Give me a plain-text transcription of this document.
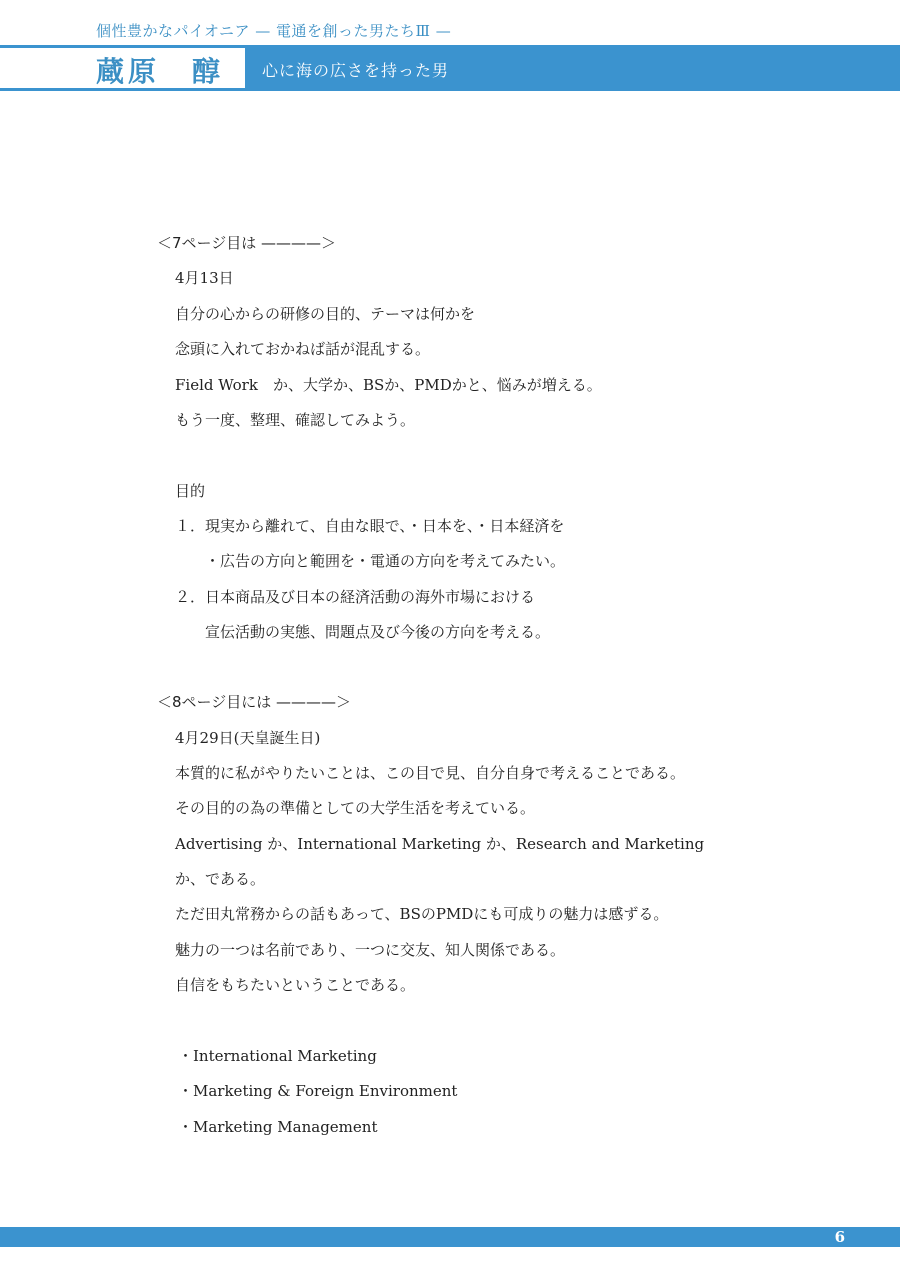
個性豊かなパイオニア — 電通を創った男たちⅢ —
蔵原　醇 心に海の広さを持った男
＜7ページ目は ————＞
4月13日
自分の心からの研修の目的、テーマは何かを
念頭に入れておかねば話が混乱する。
Field Work　か、大学か、BSか、PMDかと、悩みが増える。
もう一度、整理、確認してみよう。
目的
１．現実から離れて、自由な眼で、・日本を、・日本経済を
　　・広告の方向と範囲を・電通の方向を考えてみたい。
２．日本商品及び日本の経済活動の海外市場における
　　宣伝活動の実態、問題点及び今後の方向を考える。
＜8ページ目には ————＞
4月29日(天皇誕生日)
本質的に私がやりたいことは、この目で見、自分自身で考えることである。
その目的の為の準備としての大学生活を考えている。
Advertising か、International Marketing か、Research and Marketing
か、である。
ただ田丸常務からの話もあって、BSのPMDにも可成りの魅力は感ずる。
魅力の一つは名前であり、一つに交友、知人関係である。
自信をもちたいということである。
・International Marketing
・Marketing & Foreign Environment
・Marketing Management
6
